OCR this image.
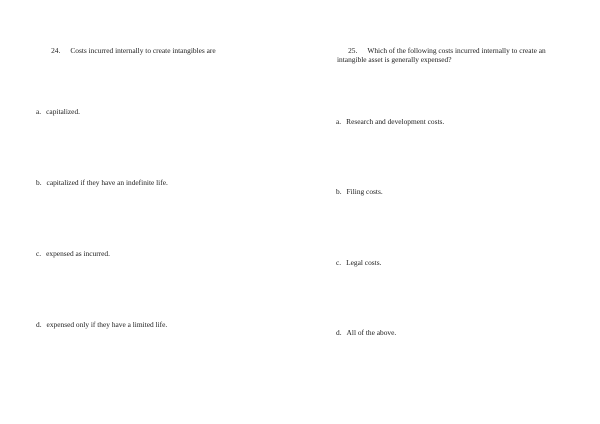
24. Costs incurred internally to create intangibles are

a. capitalized.
b. capitalized if they have an indefinite life.
c. expensed as incurred.
d. expensed only if they have a limited life.

25. Which of the following costs incurred internally to create an intangible asset is generally expensed?

a. Research and development costs.
b. Filing costs.
c. Legal costs.
d. All of the above.
